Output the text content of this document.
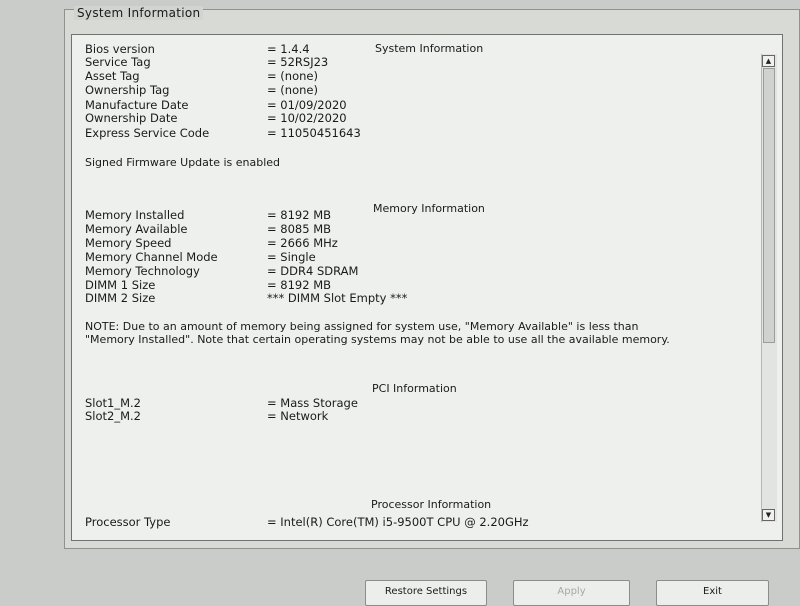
System Information
System Information
Bios version	= 1.4.4
Service Tag	= 52RSJ23
Asset Tag	= (none)
Ownership Tag	= (none)
Manufacture Date	= 01/09/2020
Ownership Date	= 10/02/2020
Express Service Code	= 11050451643
Signed Firmware Update is enabled
Memory Information
Memory Installed	= 8192 MB
Memory Available	= 8085 MB
Memory Speed	= 2666 MHz
Memory Channel Mode	= Single
Memory Technology	= DDR4 SDRAM
DIMM 1 Size	= 8192 MB
DIMM 2 Size	*** DIMM Slot Empty ***
NOTE: Due to an amount of memory being assigned for system use, "Memory Available" is less than "Memory Installed". Note that certain operating systems may not be able to use all the available memory.
PCI Information
Slot1_M.2	= Mass Storage
Slot2_M.2	= Network
Processor Information
Processor Type	= Intel(R) Core(TM) i5-9500T CPU @ 2.20GHz
▲
▼
Restore Settings	Apply	Exit
